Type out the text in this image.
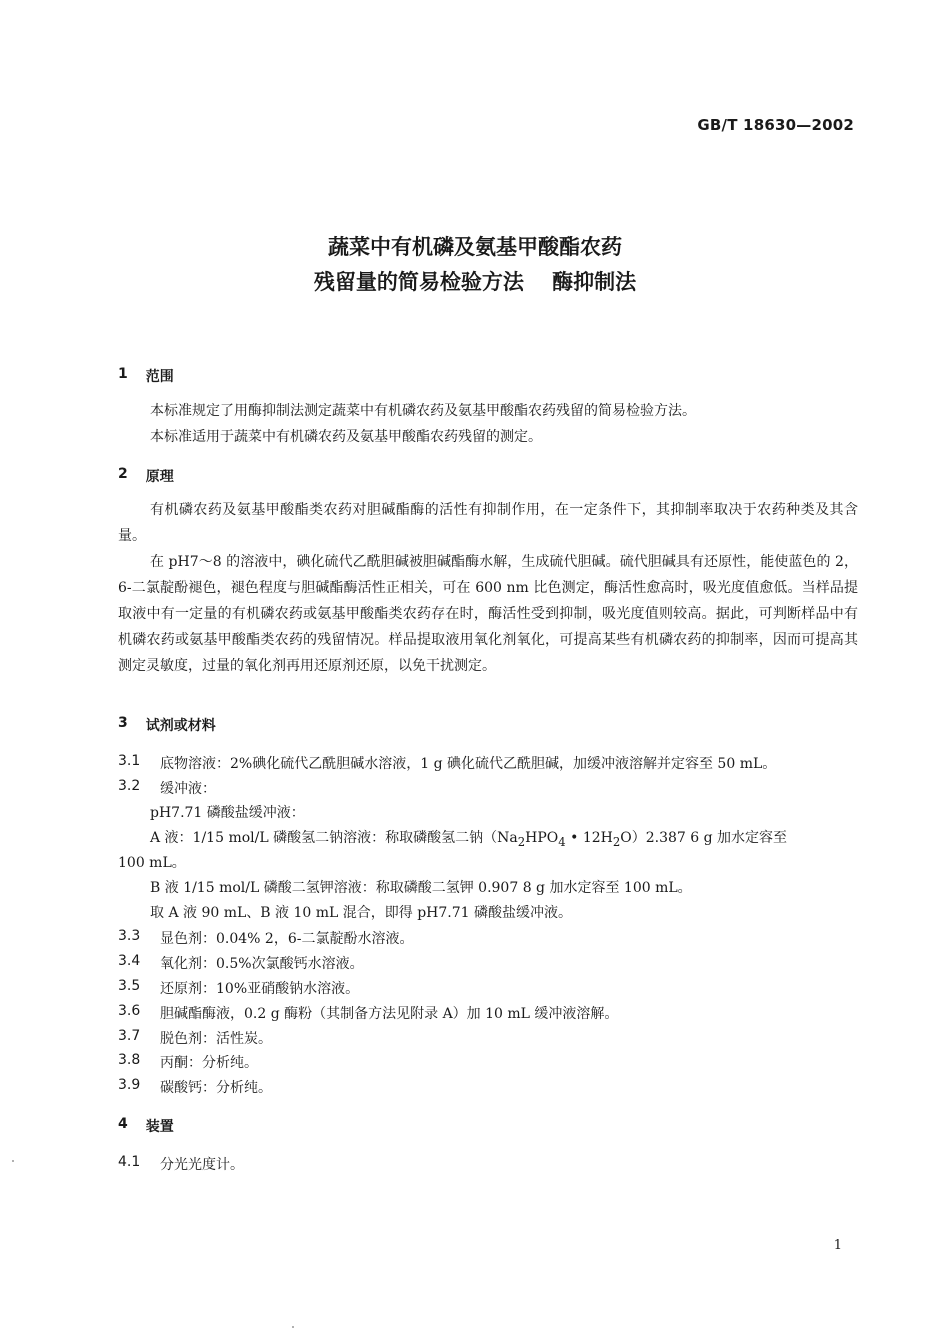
GB/T 18630—2002
蔬菜中有机磷及氨基甲酸酯农药
残留量的简易检验方法　 酶抑制法
1 范围
本标准规定了用酶抑制法测定蔬菜中有机磷农药及氨基甲酸酯农药残留的简易检验方法。
本标准适用于蔬菜中有机磷农药及氨基甲酸酯农药残留的测定。
2 原理
有机磷农药及氨基甲酸酯类农药对胆碱酯酶的活性有抑制作用，在一定条件下，其抑制率取决于农药种类及其含量。
在 pH7～8 的溶液中，碘化硫代乙酰胆碱被胆碱酯酶水解，生成硫代胆碱。硫代胆碱具有还原性，能使蓝色的 2，6-二氯靛酚褪色，褪色程度与胆碱酯酶活性正相关，可在 600 nm 比色测定，酶活性愈高时，吸光度值愈低。当样品提取液中有一定量的有机磷农药或氨基甲酸酯类农药存在时，酶活性受到抑制，吸光度值则较高。据此，可判断样品中有机磷农药或氨基甲酸酯类农药的残留情况。样品提取液用氧化剂氧化，可提高某些有机磷农药的抑制率，因而可提高其测定灵敏度，过量的氧化剂再用还原剂还原，以免干扰测定。
3 试剂或材料
3.1	底物溶液：2%碘化硫代乙酰胆碱水溶液，1 g 碘化硫代乙酰胆碱，加缓冲液溶解并定容至 50 mL。
3.2	缓冲液：
pH7.71 磷酸盐缓冲液：
A 液：1/15 mol/L 磷酸氢二钠溶液：称取磷酸氢二钠（$Na_2HPO_4$ • $12H_2O)2.387$ 6 g 加水定容至
100 mL。
B 液 1/15 mol/L 磷酸二氢钾溶液：称取磷酸二氢钾 0.907 8 g 加水定容至 100 mL。
取 A 液 90 mL、B 液 10 mL 混合，即得 pH7.71 磷酸盐缓冲液。
3.3	显色剂：0.04% 2，6-二氯靛酚水溶液。
3.4	氧化剂：0.5%次氯酸钙水溶液。
3.5	还原剂：10%亚硝酸钠水溶液。
3.6	胆碱酯酶液，0.2 g 酶粉（其制备方法见附录 A）加 10 mL 缓冲液溶解。
3.7	脱色剂：活性炭。
3.8	丙酮：分析纯。
3.9	碳酸钙：分析纯。
4 装置
4.1	分光光度计。
1
